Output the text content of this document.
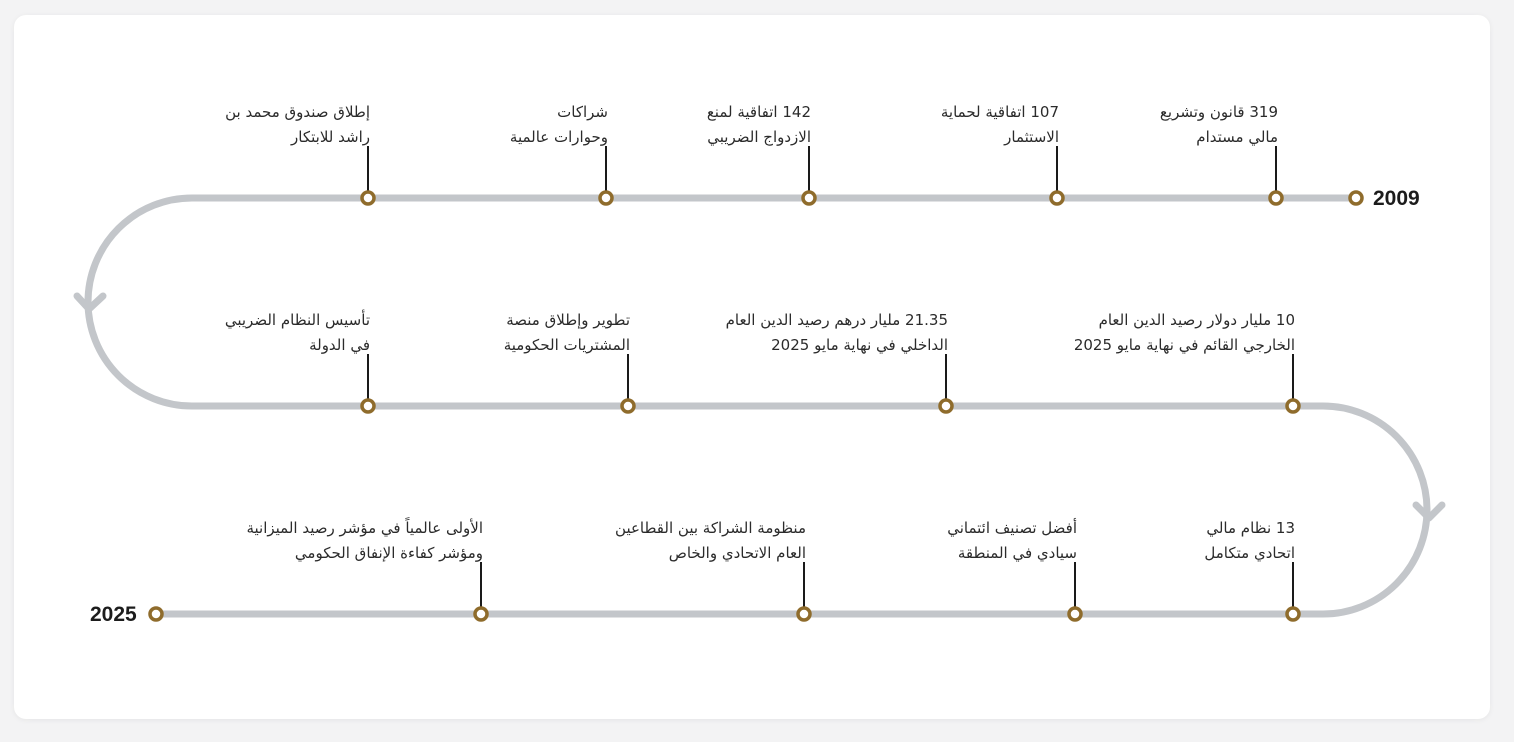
2009
2025
319 قانون وتشريع
مالي مستدام
107 اتفاقية لحماية
الاستثمار
142 اتفاقية لمنع
الازدواج الضريبي
شراكات
وحوارات عالمية
إطلاق صندوق محمد بن
راشد للابتكار
10 مليار دولار رصيد الدين العام
الخارجي القائم في نهاية مايو 2025
21.35 مليار درهم رصيد الدين العام
الداخلي في نهاية مايو 2025
تطوير وإطلاق منصة
المشتريات الحكومية
تأسيس النظام الضريبي
في الدولة
13 نظام مالي
اتحادي متكامل
أفضل تصنيف ائتماني
سيادي في المنطقة
منظومة الشراكة بين القطاعين
العام الاتحادي والخاص
الأولى عالمياً في مؤشر رصيد الميزانية
ومؤشر كفاءة الإنفاق الحكومي
